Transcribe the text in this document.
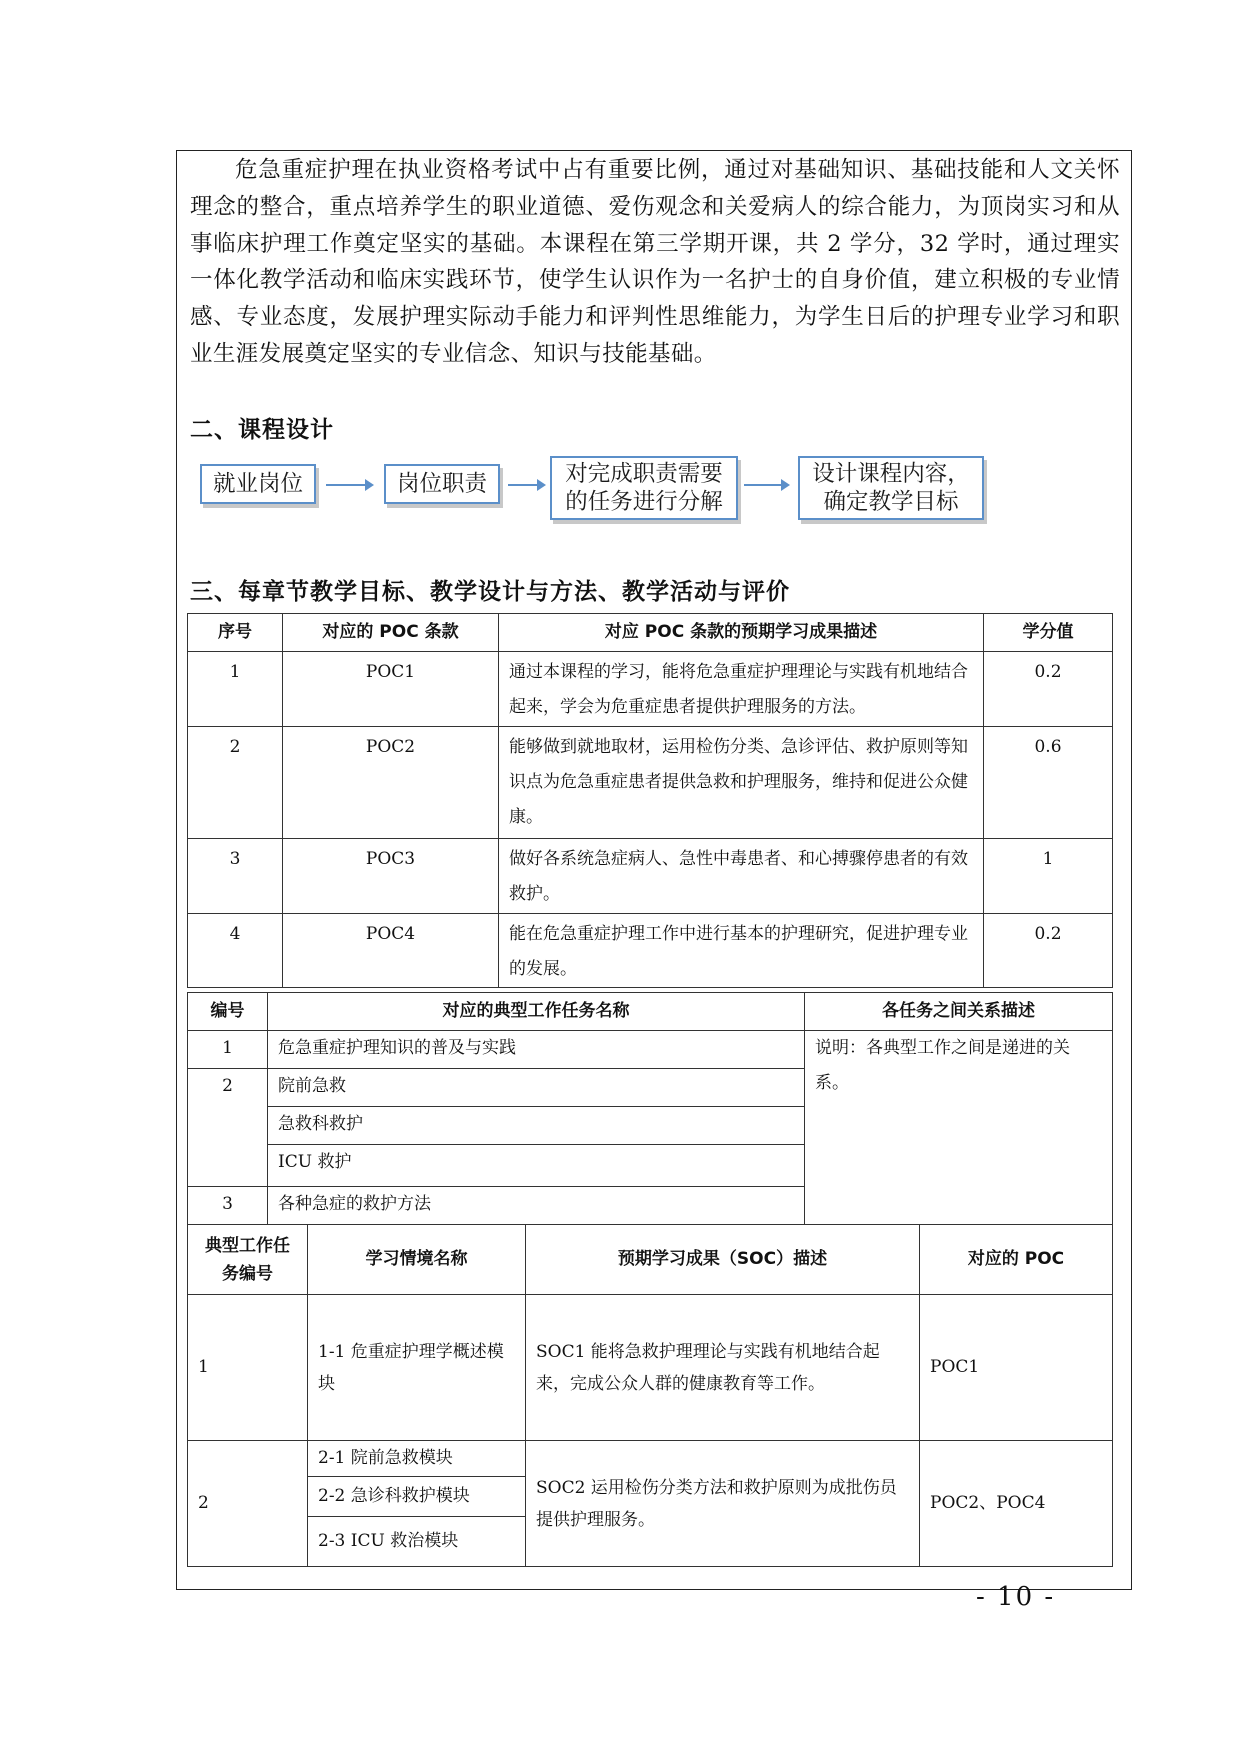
危急重症护理在执业资格考试中占有重要比例，通过对基础知识、基础技能和人文关怀理念的整合，重点培养学生的职业道德、爱伤观念和关爱病人的综合能力，为顶岗实习和从事临床护理工作奠定坚实的基础。本课程在第三学期开课，共 2 学分，32 学时，通过理实一体化教学活动和临床实践环节，使学生认识作为一名护士的自身价值，建立积极的专业情感、专业态度，发展护理实际动手能力和评判性思维能力，为学生日后的护理专业学习和职业生涯发展奠定坚实的专业信念、知识与技能基础。

二、课程设计
就业岗位	岗位职责	对完成职责需要的任务进行分解
设计课程内容，确定教学目标
三、每章节教学目标、教学设计与方法、教学活动与评价
序号	对应的 POC 条款	对应 POC 条款的预期学习成果描述	学分值
1	POC1	通过本课程的学习，能将危急重症护理理论与实践有机地结合起来，学会为危重症患者提供护理服务的方法。	0.2
2	POC2	能够做到就地取材，运用检伤分类、急诊评估、救护原则等知识点为危急重症患者提供急救和护理服务，维持和促进公众健康。	0.6
3	POC3	做好各系统急症病人、急性中毒患者、和心搏骤停患者的有效救护。	1
4	POC4	能在危急重症护理工作中进行基本的护理研究，促进护理专业的发展。	0.2
编号	对应的典型工作任务名称	各任务之间关系描述
1	危急重症护理知识的普及与实践	说明：各典型工作之间是递进的关系。
2	院前急救	
	急救科救护	
	ICU 救护	
3	各种急症的救护方法	
典型工作任务编号	学习情境名称	预期学习成果（SOC）描述	对应的 POC
1	1-1 危重症护理学概述模块	SOC1 能将急救护理理论与实践有机地结合起来，完成公众人群的健康教育等工作。	POC1
2	2-1 院前急救模块	SOC2 运用检伤分类方法和救护原则为成批伤员提供护理服务。	POC2、POC4
	2-2 急诊科救护模块		
	2-3 ICU 救治模块		
- 10 -
